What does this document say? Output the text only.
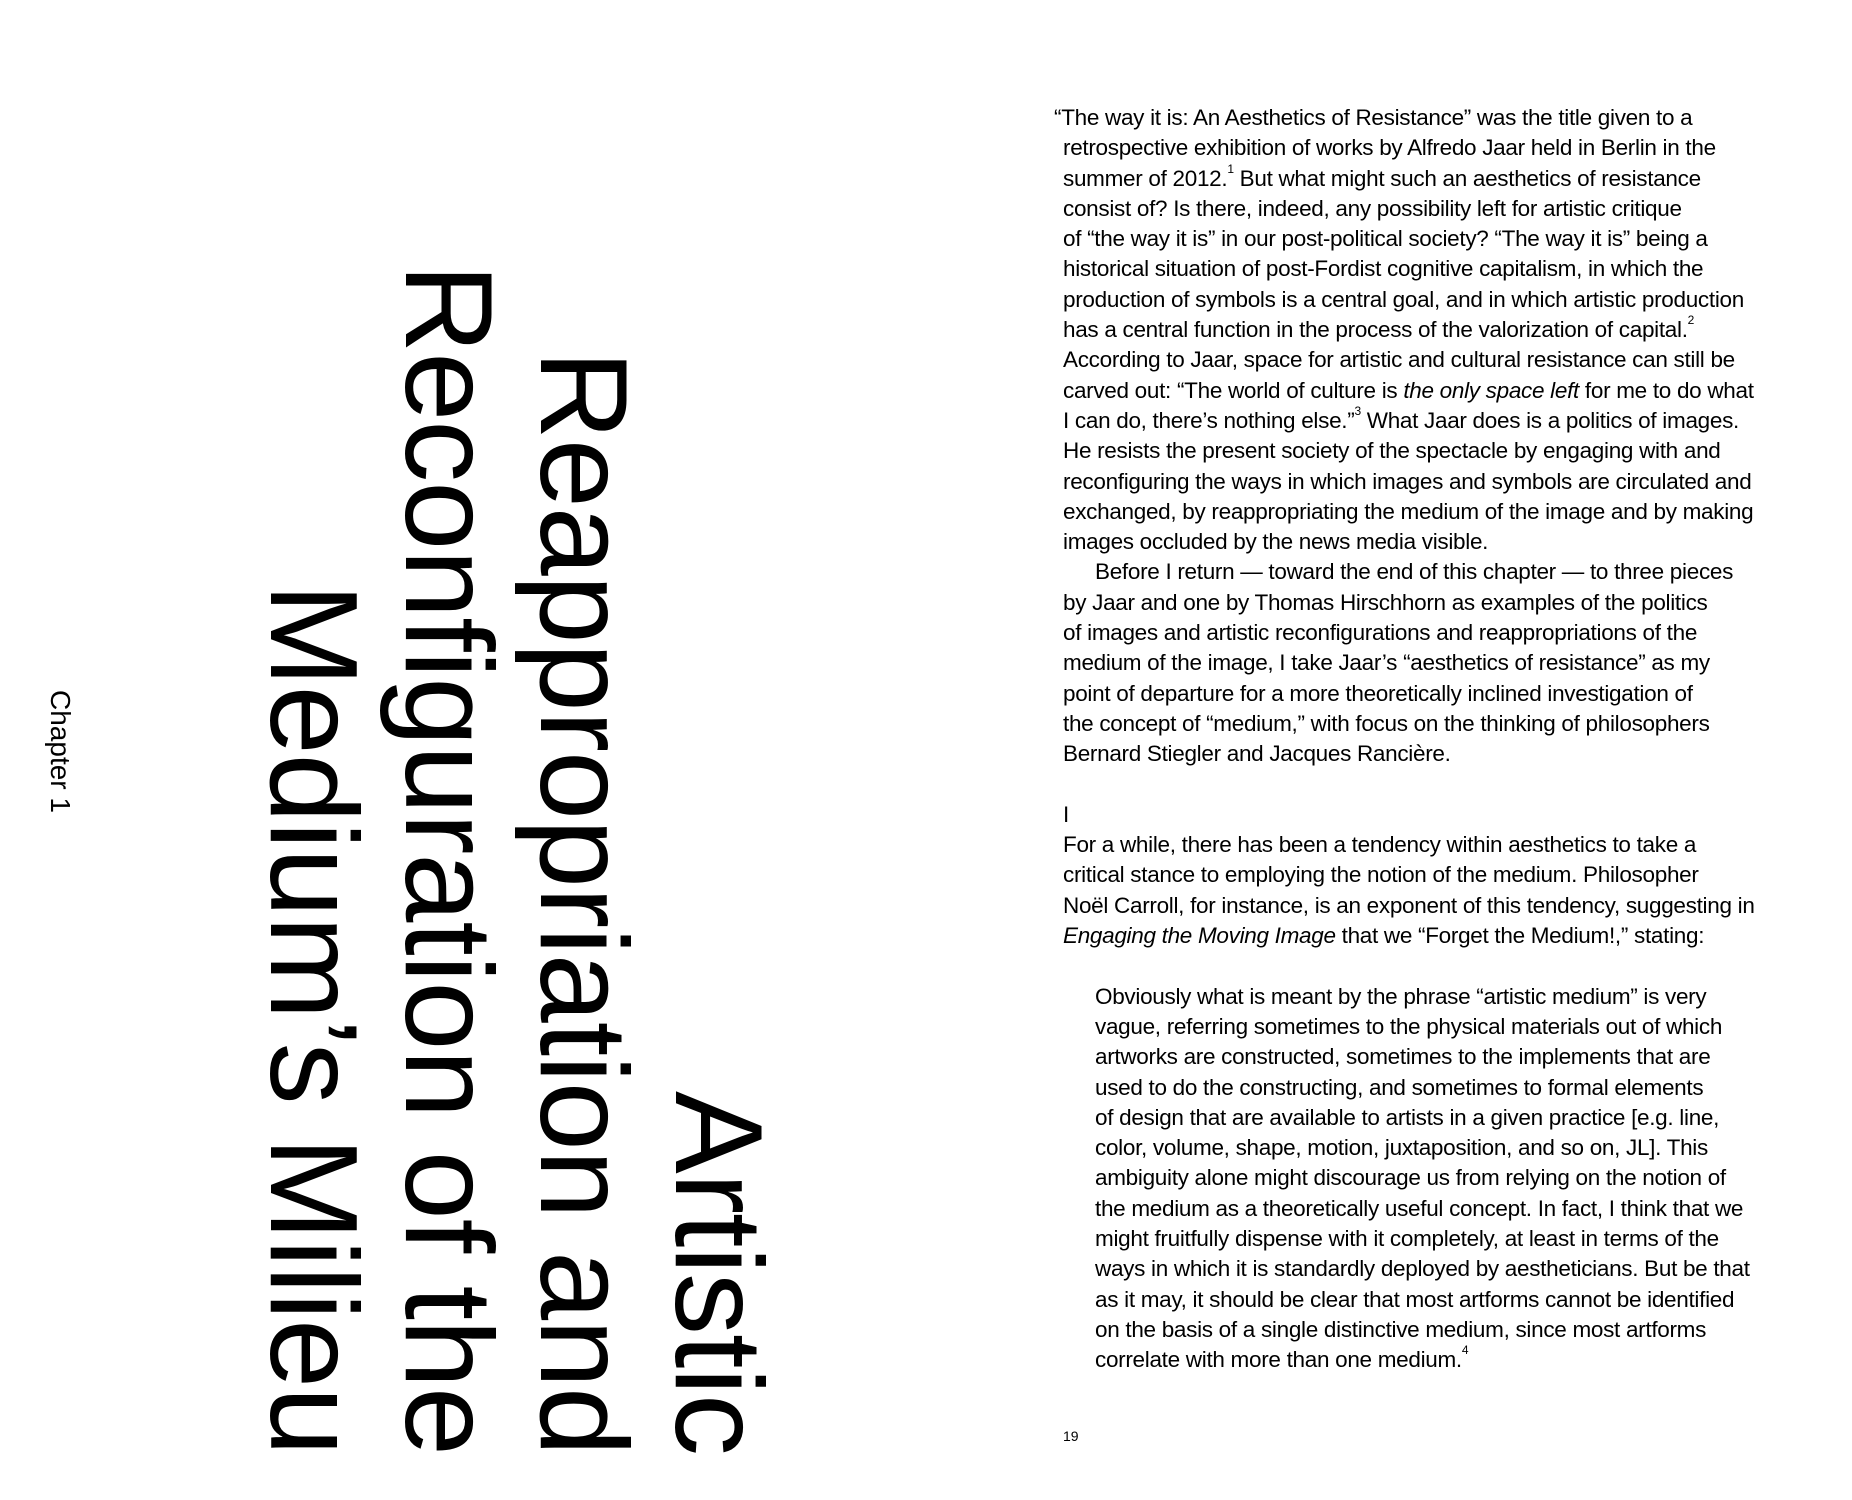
Chapter 1
Artistic
Reappropriation and
Reconfiguration of the
Medium’s Milieu
“The way it is: An Aesthetics of Resistance” was the title given to a
retrospective exhibition of works by Alfredo Jaar held in Berlin in the
summer of 2012.$^1$ But what might such an aesthetics of resistance
consist of? Is there, indeed, any possibility left for artistic critique
of “the way it is” in our post-political society? “The way it is” being a
historical situation of post-Fordist cognitive capitalism, in which the
production of symbols is a central goal, and in which artistic production
has a central function in the process of the valorization of capital.$^2$
According to Jaar, space for artistic and cultural resistance can still be
carved out: “The world of culture is the only space left for me to do what
I can do, there’s nothing else.”$^3$ What Jaar does is a politics of images.
He resists the present society of the spectacle by engaging with and
reconfiguring the ways in which images and symbols are circulated and
exchanged, by reappropriating the medium of the image and by making
images occluded by the news media visible.
Before I return — toward the end of this chapter — to three pieces
by Jaar and one by Thomas Hirschhorn as examples of the politics
of images and artistic reconfigurations and reappropriations of the
medium of the image, I take Jaar’s “aesthetics of resistance” as my
point of departure for a more theoretically inclined investigation of
the concept of “medium,” with focus on the thinking of philosophers
Bernard Stiegler and Jacques Rancière.
I
For a while, there has been a tendency within aesthetics to take a
critical stance to employing the notion of the medium. Philosopher
Noël Carroll, for instance, is an exponent of this tendency, suggesting in
Engaging the Moving Image that we “Forget the Medium!,” stating:
Obviously what is meant by the phrase “artistic medium” is very
vague, referring sometimes to the physical materials out of which
artworks are constructed, sometimes to the implements that are
used to do the constructing, and sometimes to formal elements
of design that are available to artists in a given practice [e.g. line,
color, volume, shape, motion, juxtaposition, and so on, JL]. This
ambiguity alone might discourage us from relying on the notion of
the medium as a theoretically useful concept. In fact, I think that we
might fruitfully dispense with it completely, at least in terms of the
ways in which it is standardly deployed by aestheticians. But be that
as it may, it should be clear that most artforms cannot be identified
on the basis of a single distinctive medium, since most artforms
correlate with more than one medium.$^4$
19
